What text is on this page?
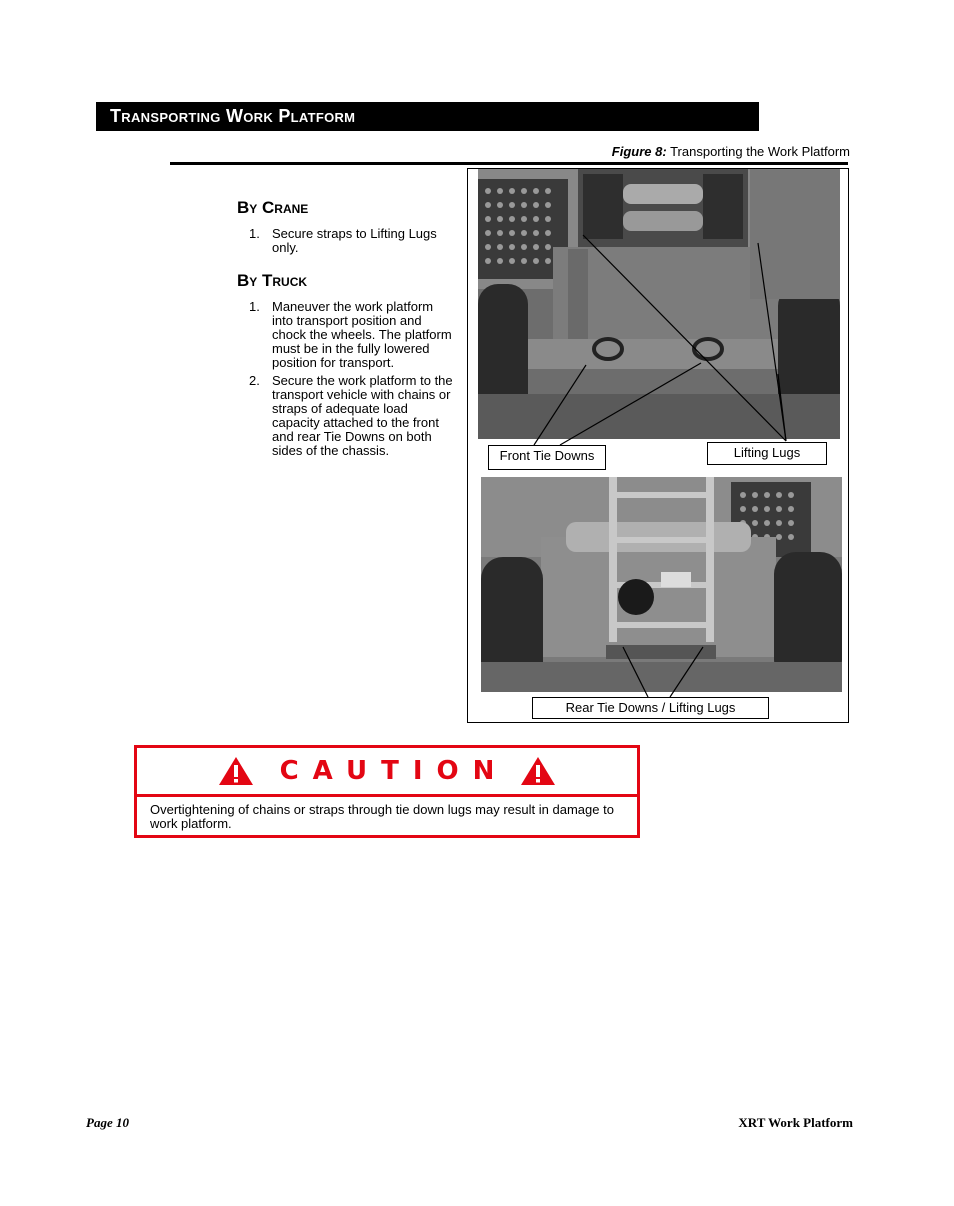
Transporting Work Platform
Figure 8: Transporting the Work Platform
By Crane
1. Secure straps to Lifting Lugs only.
By Truck
1. Maneuver the work platform into transport position and chock the wheels. The platform must be in the fully lowered position for transport.
2. Secure the work platform to the transport vehicle with chains or straps of adequate load capacity attached to the front and rear Tie Downs on both sides of the chassis.	Front Tie Downs	Lifting Lugs
Rear Tie Downs / Lifting Lugs
CAUTION
Overtightening of chains or straps through tie down lugs may result in damage to work platform.
Page 10	XRT Work Platform
